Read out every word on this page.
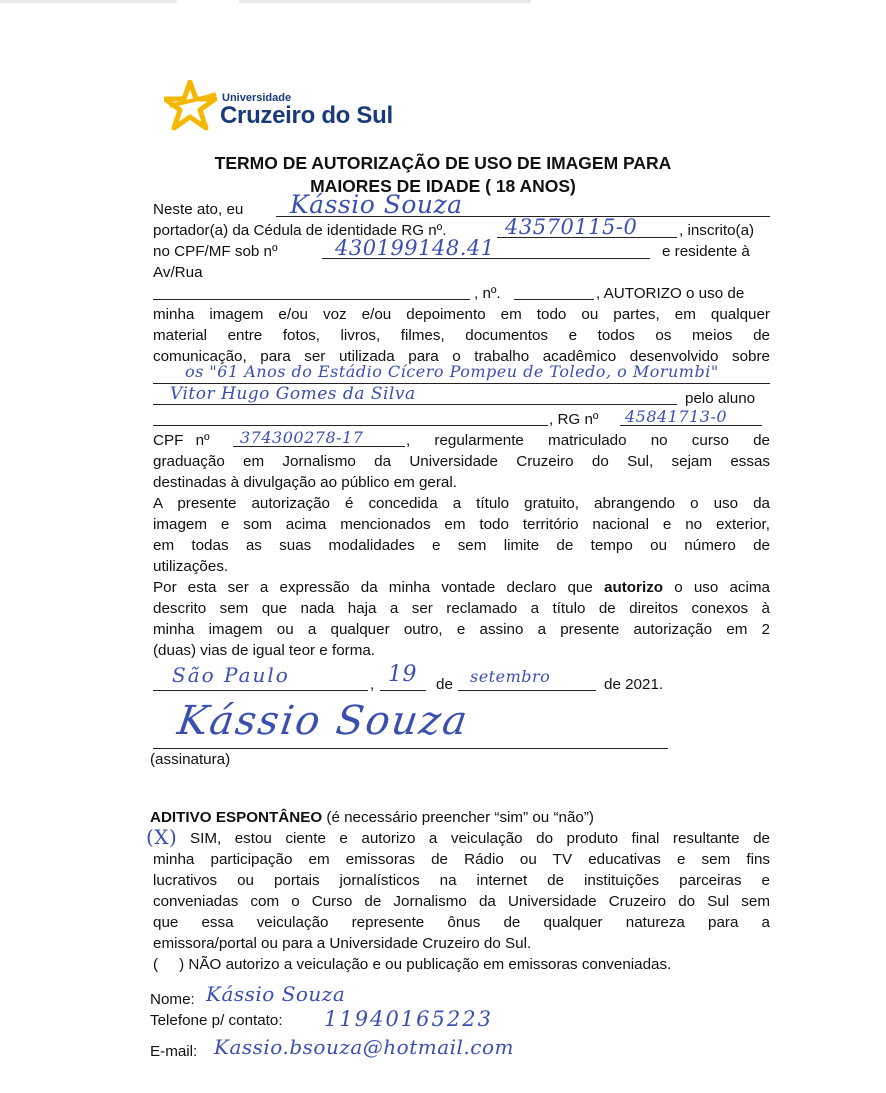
Universidade
Cruzeiro do Sul
TERMO DE AUTORIZAÇÃO DE USO DE IMAGEM PARA
MAIORES DE IDADE ( 18 ANOS)
Neste ato, eu Kássio Souza
portador(a) da Cédula de identidade RG nº.	43570115-0	, inscrito(a)
no CPF/MF sob nº	430199148.41	e residente à
Av/Rua
, nº.	, AUTORIZO o uso de
minha imagem e/ou voz e/ou depoimento em todo ou partes, em qualquer
material entre fotos, livros, filmes, documentos e todos os meios de
comunicação, para ser utilizada para o trabalho acadêmico desenvolvido sobre
os "61 Anos do Estádio Cícero Pompeu de Toledo, o Morumbi"
Vitor Hugo Gomes da Silva	pelo aluno
, RG nº 45841713-0
CPF nº 374300278-17	, regularmente matriculado no curso de
graduação em Jornalismo da Universidade Cruzeiro do Sul, sejam essas
destinadas à divulgação ao público em geral.
A presente autorização é concedida a título gratuito, abrangendo o uso da
imagem e som acima mencionados em todo território nacional e no exterior,
em todas as suas modalidades e sem limite de tempo ou número de
utilizações.
Por esta ser a expressão da minha vontade declaro que autorizo o uso acima
descrito sem que nada haja a ser reclamado a título de direitos conexos à
minha imagem ou a qualquer outro, e assino a presente autorização em 2
(duas) vias de igual teor e forma.
São Paulo	, 19 de setembro	de 2021.
Kássio Souza
(assinatura)
ADITIVO ESPONTÂNEO (é necessário preencher “sim” ou “não”)
(X) SIM, estou ciente e autorizo a veiculação do produto final resultante de
minha participação em emissoras de Rádio ou TV educativas e sem fins
lucrativos ou portais jornalísticos na internet de instituições parceiras e
conveniadas com o Curso de Jornalismo da Universidade Cruzeiro do Sul sem
que essa veiculação represente ônus de qualquer natureza para a
emissora/portal ou para a Universidade Cruzeiro do Sul.
(     ) NÃO autorizo a veiculação e ou publicação em emissoras conveniadas.
Nome: Kássio Souza
Telefone p/ contato: 11940165223
E-mail: Kassio.bsouza@hotmail.com
